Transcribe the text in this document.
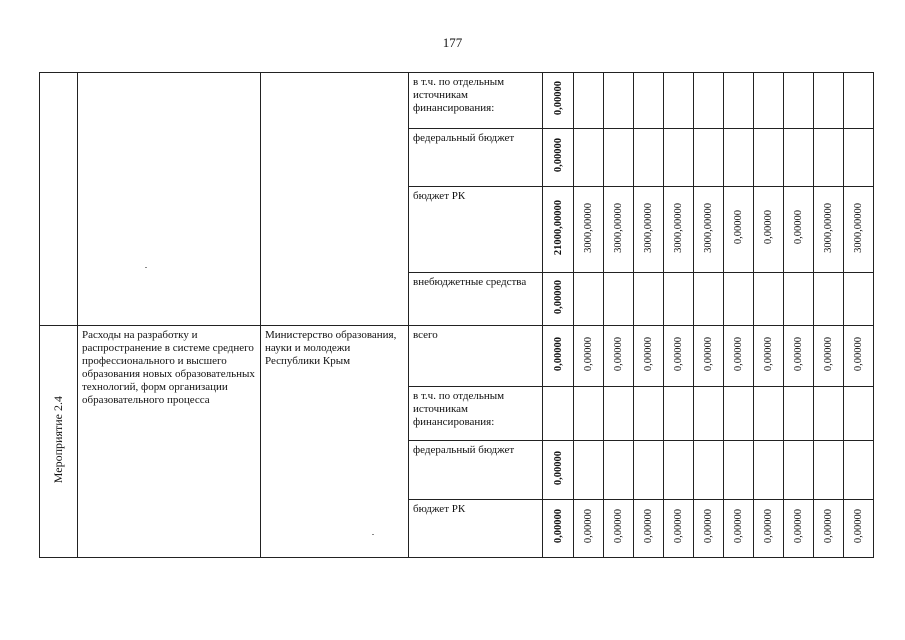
177
			в т.ч. по отдельным источникам финансирования:	0,00000										
			федеральный бюджет	0,00000										
			бюджет РК	21000,00000	3000,00000	3000,00000	3000,00000	3000,00000	3000,00000	0,00000	0,00000	0,00000	3000,00000	3000,00000
			внебюджетные средства	0,00000										
Мероприятие 2.4	Расходы на разработку и распространение в системе среднего профессионального и высшего образования новых образовательных технологий, форм организации образовательного процесса	Министерство образования, науки и молодежи Республики Крым	всего	0,00000	0,00000	0,00000	0,00000	0,00000	0,00000	0,00000	0,00000	0,00000	0,00000	0,00000
			в т.ч. по отдельным источникам финансирования:											
			федеральный бюджет	0,00000										
			бюджет РК	0,00000	0,00000	0,00000	0,00000	0,00000	0,00000	0,00000	0,00000	0,00000	0,00000	0,00000
